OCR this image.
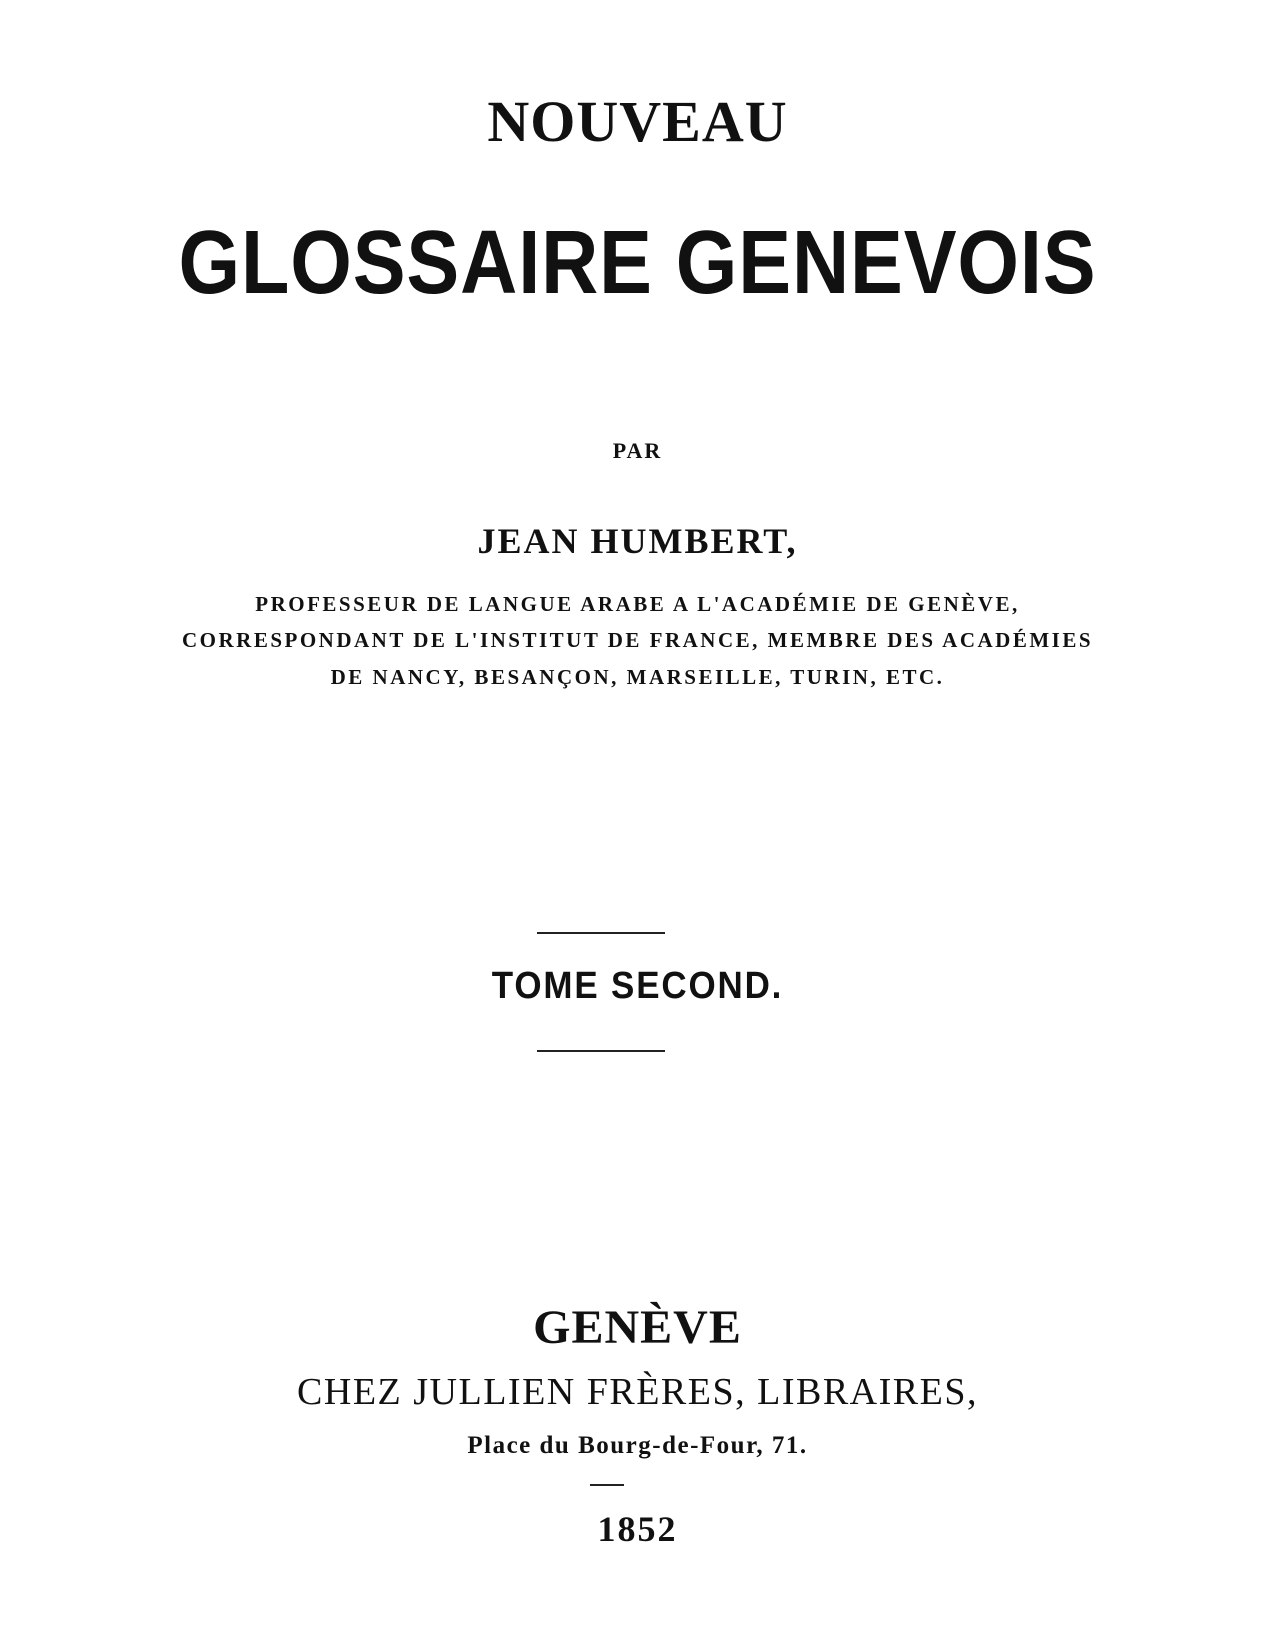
NOUVEAU
GLOSSAIRE GENEVOIS
PAR
JEAN HUMBERT,
PROFESSEUR DE LANGUE ARABE A L'ACADÉMIE DE GENÈVE,
CORRESPONDANT DE L'INSTITUT DE FRANCE, MEMBRE DES ACADÉMIES
DE NANCY, BESANÇON, MARSEILLE, TURIN, ETC.
TOME SECOND.
GENÈVE
CHEZ JULLIEN FRÈRES, LIBRAIRES,
Place du Bourg-de-Four, 71.
1852
